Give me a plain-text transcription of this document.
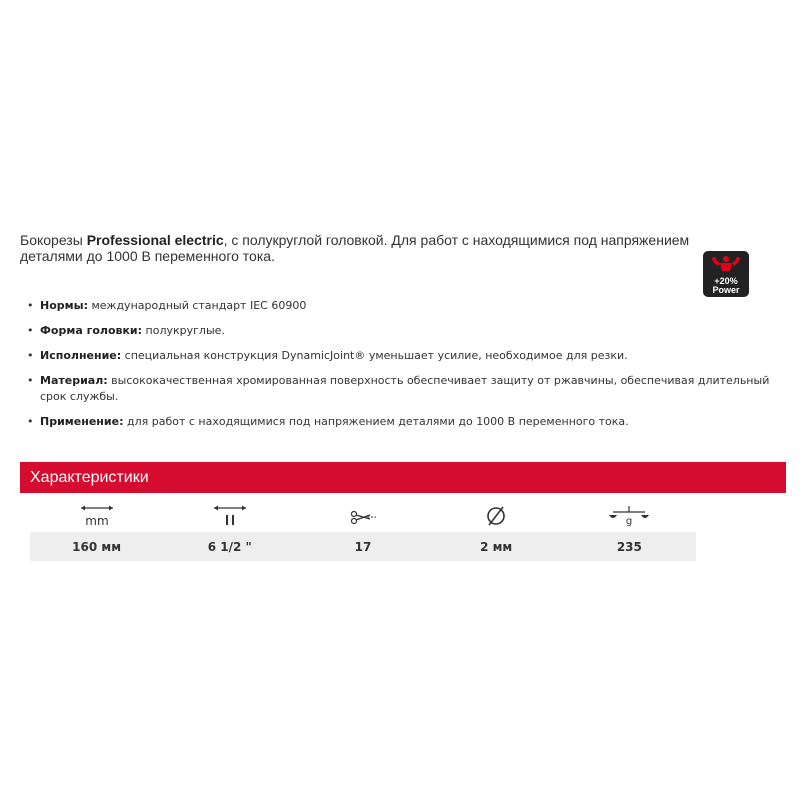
Бокорезы Professional electric, с полукруглой головкой. Для работ с находящимися под напряжением деталями до 1000 В переменного тока.
+20%
Power
• Нормы: международный стандарт IEC 60900
• Форма головки: полукруглые.
• Исполнение: специальная конструкция DynamicJoint® уменьшает усилие, необходимое для резки.
• Материал: высококачественная хромированная поверхность обеспечивает защиту от ржавчины, обеспечивая длительный срок службы.
• Применение: для работ с находящимися под напряжением деталями до 1000 В переменного тока.
Характеристики
mm	g
160 мм	6 1/2 "	17	2 мм	235
